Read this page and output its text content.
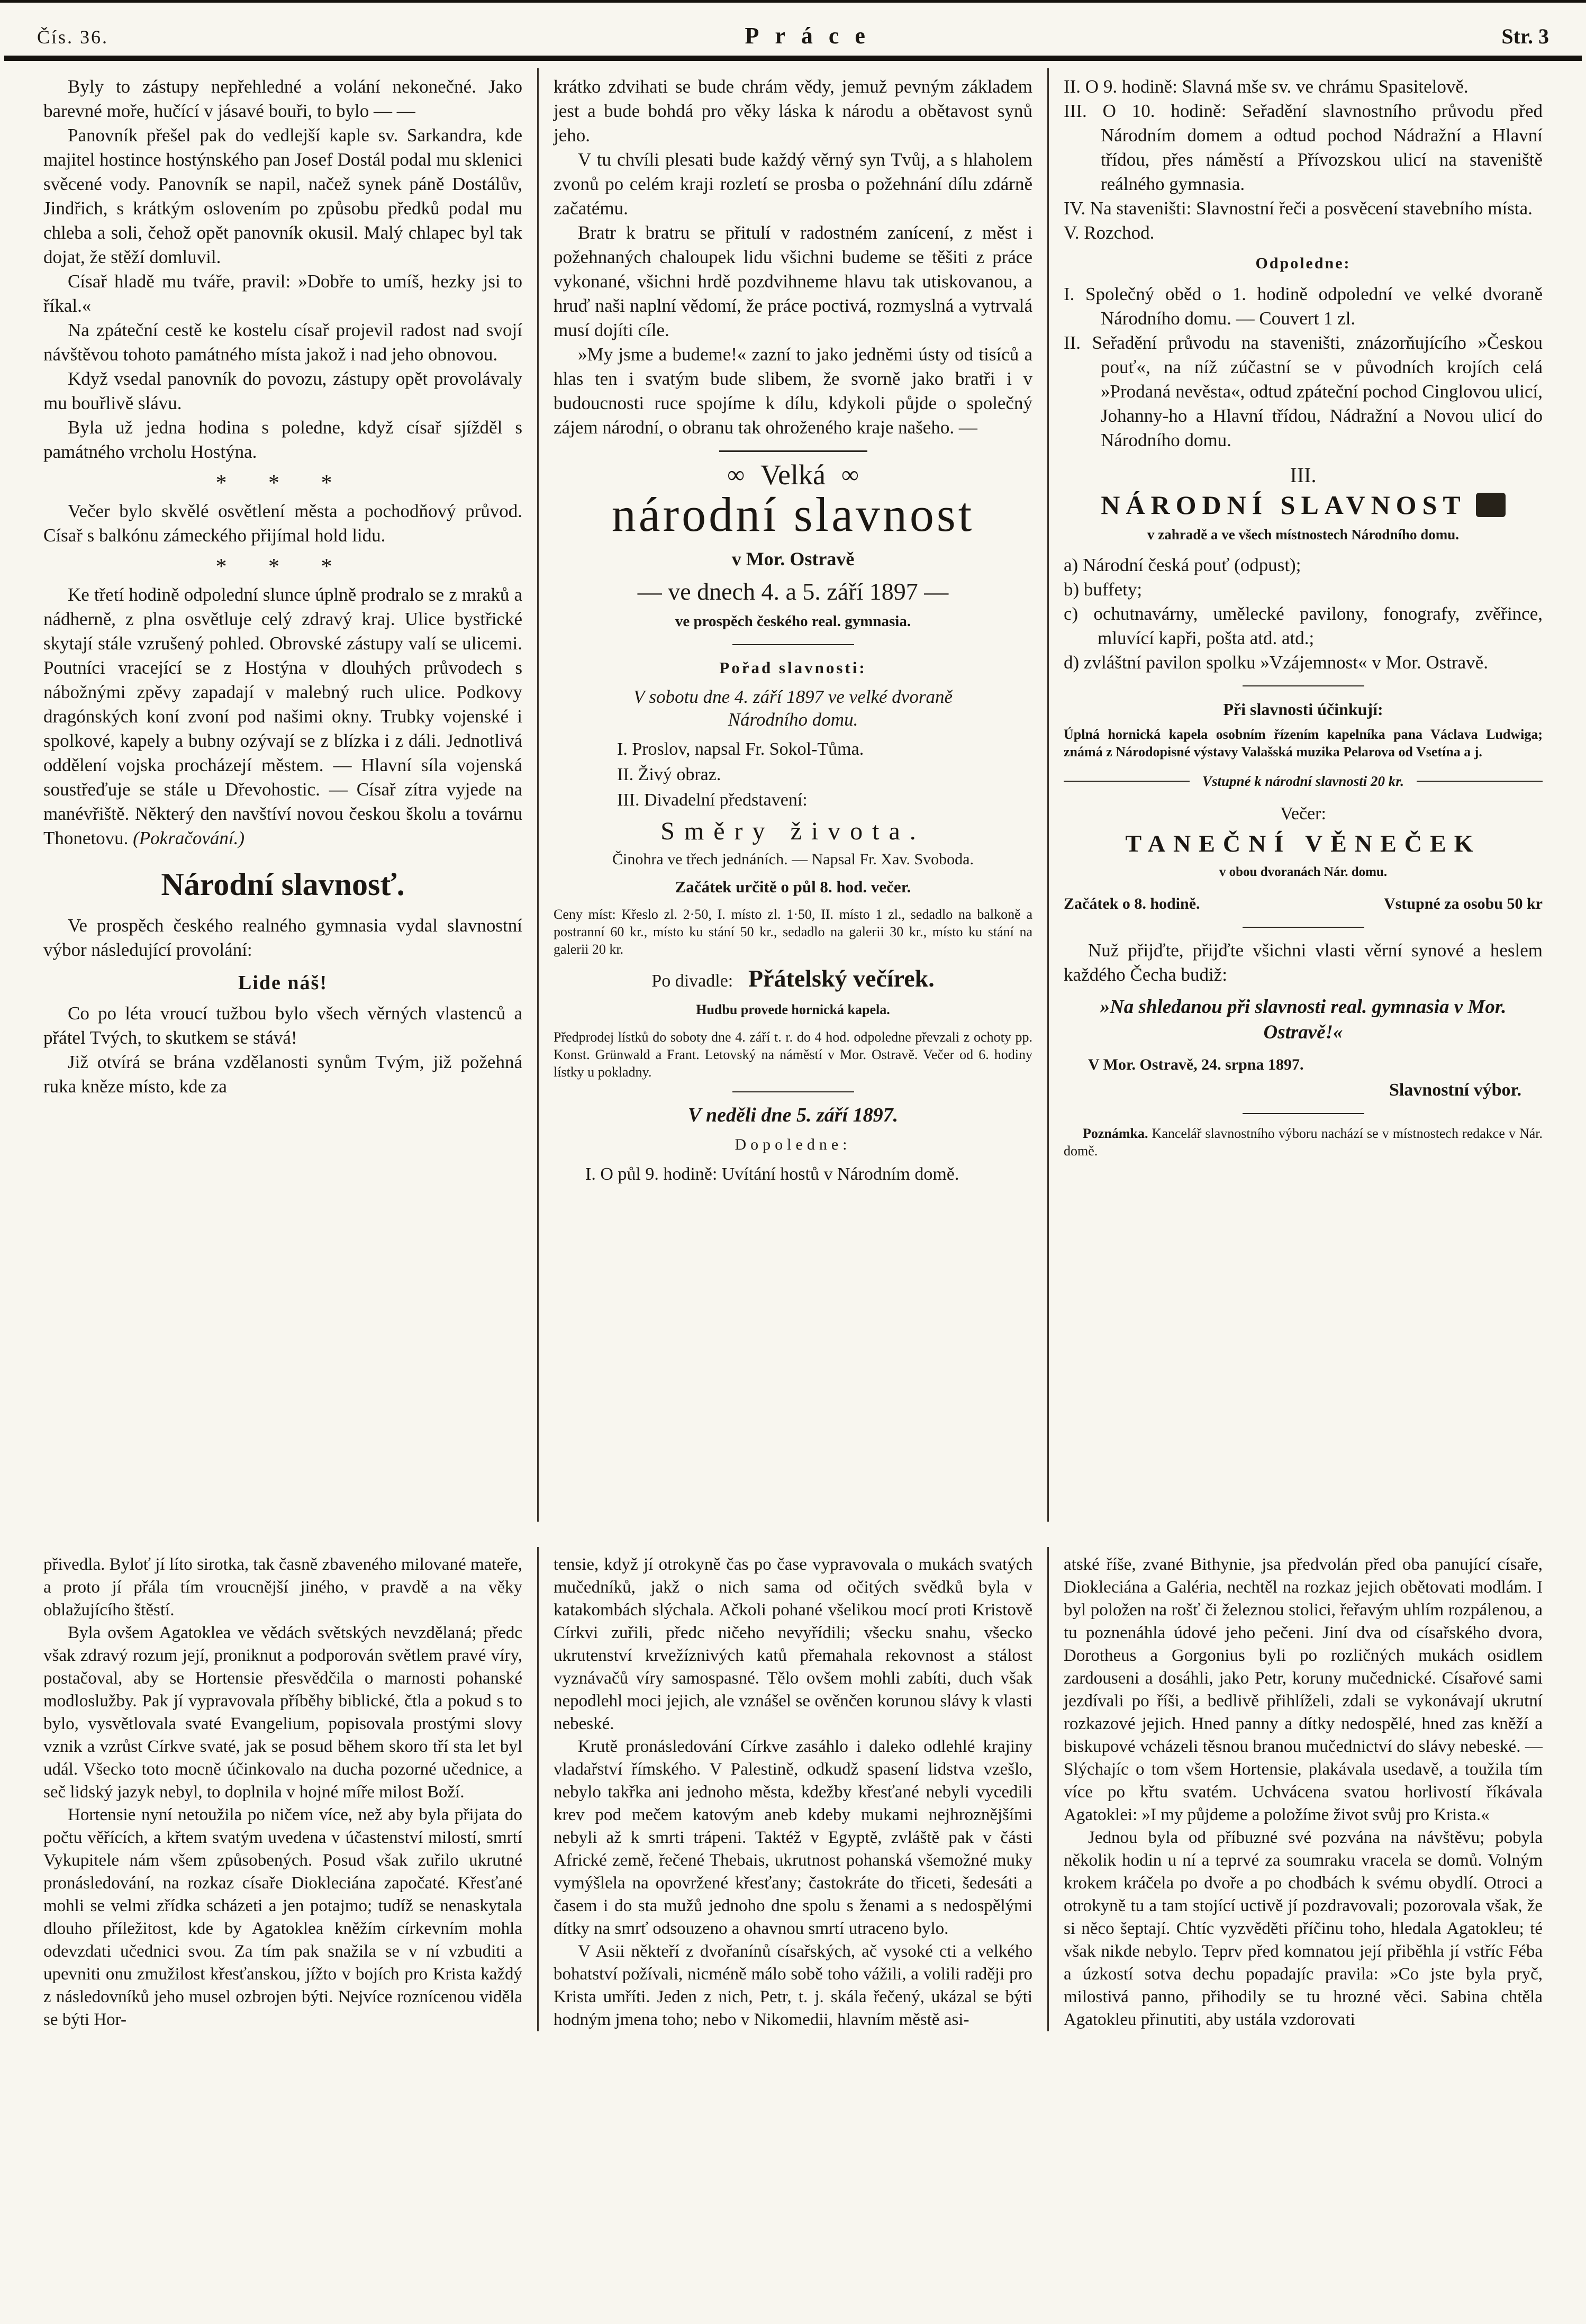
Čís. 36.	Práce	Str. 3

Byly to zástupy nepřehledné a volání nekonečné. Jako barevné moře, hučící v jásavé bouři, to bylo — —

Panovník přešel pak do vedlejší kaple sv. Sarkandra, kde majitel hostince hostýnského pan Josef Dostál podal mu sklenici svěcené vody. Panovník se napil, načež synek páně Dostálův, Jindřich, s krátkým oslovením po způsobu předků podal mu chleba a soli, čehož opět panovník okusil. Malý chlapec byl tak dojat, že stěží domluvil.

Císař hladě mu tváře, pravil: »Dobře to umíš, hezky jsi to říkal.«

Na zpáteční cestě ke kostelu císař projevil radost nad svojí návštěvou tohoto památného místa jakož i nad jeho obnovou.

Když vsedal panovník do povozu, zástupy opět provolávaly mu bouřlivě slávu.

Byla už jedna hodina s poledne, když císař sjížděl s památného vrcholu Hostýna.

* * *

Večer bylo skvělé osvětlení města a pochodňový průvod. Císař s balkónu zámeckého přijímal hold lidu.

* * *

Ke třetí hodině odpolední slunce úplně prodralo se z mraků a nádherně, z plna osvětluje celý zdravý kraj. Ulice bystřické skytají stále vzrušený pohled. Obrovské zástupy valí se ulicemi. Poutníci vracející se z Hostýna v dlouhých průvodech s nábožnými zpěvy zapadají v malebný ruch ulice. Podkovy dragónských koní zvoní pod našimi okny. Trubky vojenské i spolkové, kapely a bubny ozývají se z blízka i z dáli. Jednotlivá oddělení vojska procházejí městem. — Hlavní síla vojenská soustřeďuje se stále u Dřevohostic. — Císař zítra vyjede na manévřiště. Některý den navštíví novou českou školu a továrnu Thonetovu. (Pokračování.)

Národní slavnosť.

Ve prospěch českého realného gymnasia vydal slavnostní výbor následující provolání:

Lide náš!

Co po léta vroucí tužbou bylo všech věrných vlastenců a přátel Tvých, to skutkem se stává!

Již otvírá se brána vzdělanosti synům Tvým, již požehná ruka kněze místo, kde za

krátko zdvihati se bude chrám vědy, jemuž pevným základem jest a bude bohdá pro věky láska k národu a obětavost synů jeho.

V tu chvíli plesati bude každý věrný syn Tvůj, a s hlaholem zvonů po celém kraji rozletí se prosba o požehnání dílu zdárně začatému.

Bratr k bratru se přitulí v radostném zanícení, z měst i požehnaných chaloupek lidu všichni budeme se těšiti z práce vykonané, všichni hrdě pozdvihneme hlavu tak utiskovanou, a hruď naši naplní vědomí, že práce poctivá, rozmyslná a vytrvalá musí dojíti cíle.

»My jsme a budeme!« zazní to jako jedněmi ústy od tisíců a hlas ten i svatým bude slibem, že svorně jako bratři i v budoucnosti ruce spojíme k dílu, kdykoli půjde o společný zájem národní, o obranu tak ohroženého kraje našeho. —

∞ Velká ∞
národní slavnost
v Mor. Ostravě
— ve dnech 4. a 5. září 1897 —
ve prospěch českého real. gymnasia.
Pořad slavnosti:
V sobotu dne 4. září 1897 ve velké dvoraně Národního domu.

I. Proslov, napsal Fr. Sokol-Tůma.

II. Živý obraz.

III. Divadelní představení:

Směry života.
Činohra ve třech jednáních. — Napsal Fr. Xav. Svoboda.
Začátek určitě o půl 8. hod. večer.

Ceny míst: Křeslo zl. 2·50, I. místo zl. 1·50, II. místo 1 zl., sedadlo na balkoně a postranní 60 kr., místo ku stání 50 kr., sedadlo na galerii 30 kr., místo ku stání na galerii 20 kr.

Po divadle: Přátelský večírek.
Hudbu provede hornická kapela.

Předprodej lístků do soboty dne 4. září t. r. do 4 hod. odpoledne převzali z ochoty pp. Konst. Grünwald a Frant. Letovský na náměstí v Mor. Ostravě. Večer od 6. hodiny lístky u pokladny.

V neděli dne 5. září 1897.
Dopoledne:

I. O půl 9. hodině: Uvítání hostů v Národním domě.

II. O 9. hodině: Slavná mše sv. ve chrámu Spasitelově.

III. O 10. hodině: Seřadění slavnostního průvodu před Národním domem a odtud pochod Nádražní a Hlavní třídou, přes náměstí a Přívozskou ulicí na staveniště reálného gymnasia.

IV. Na staveništi: Slavnostní řeči a posvěcení stavebního místa.

V. Rozchod.

Odpoledne:

I. Společný oběd o 1. hodině odpolední ve velké dvoraně Národního domu. — Couvert 1 zl.

II. Seřadění průvodu na staveništi, znázorňujícího »Českou pouť«, na níž zúčastní se v původních krojích celá »Prodaná nevěsta«, odtud zpáteční pochod Cinglovou ulicí, Johanny-ho a Hlavní třídou, Nádražní a Novou ulicí do Národního domu.

III.
NÁRODNÍ SLAVNOST
v zahradě a ve všech místnostech Národního domu.

a) Národní česká pouť (odpust);

b) buffety;

c) ochutnavárny, umělecké pavilony, fonografy, zvěřince, mluvící kapři, pošta atd. atd.;

d) zvláštní pavilon spolku »Vzájemnost« v Mor. Ostravě.

Při slavnosti účinkují:

Úplná hornická kapela osobním řízením kapelníka pana Václava Ludwiga; známá z Národopisné výstavy Valašská muzika Pelarova od Vsetína a j.

Vstupné k národní slavnosti 20 kr.
Večer:
TANEČNÍ VĚNEČEK
v obou dvoranách Nár. domu.
Začátek o 8. hodině.	Vstupné za osobu 50 kr

Nuž přijďte, přijďte všichni vlasti věrní synové a heslem každého Čecha budiž:

»Na shledanou při slavnosti real. gymnasia v Mor. Ostravě!«
V Mor. Ostravě, 24. srpna 1897.
Slavnostní výbor.

Poznámka. Kancelář slavnostního výboru nachází se v místnostech redakce v Nár. domě.

přivedla. Byloť jí líto sirotka, tak časně zbaveného milované mateře, a proto jí přála tím vroucnější jiného, v pravdě a na věky oblažujícího štěstí.

Byla ovšem Agatoklea ve vědách světských nevzdělaná; předc však zdravý rozum její, proniknut a podporován světlem pravé víry, postačoval, aby se Hortensie přesvědčila o marnosti pohanské modloslužby. Pak jí vypravovala příběhy biblické, čtla a pokud s to bylo, vysvětlovala svaté Evangelium, popisovala prostými slovy vznik a vzrůst Církve svaté, jak se posud během skoro tří sta let byl udál. Všecko toto mocně účinkovalo na ducha pozorné učednice, a seč lidský jazyk nebyl, to doplnila v hojné míře milost Boží.

Hortensie nyní netoužila po ničem více, než aby byla přijata do počtu věřících, a křtem svatým uvedena v účastenství milostí, smrtí Vykupitele nám všem způsobených. Posud však zuřilo ukrutné pronásledování, na rozkaz císaře Diokleciána započaté. Křesťané mohli se velmi zřídka scházeti a jen potajmo; tudíž se nenaskytala dlouho příležitost, kde by Agatoklea kněžím církevním mohla odevzdati učednici svou. Za tím pak snažila se v ní vzbuditi a upevniti onu zmužilost křesťanskou, jížto v bojích pro Krista každý z následovníků jeho musel ozbrojen býti. Nejvíce roznícenou viděla se býti Hor-

tensie, když jí otrokyně čas po čase vypravovala o mukách svatých mučedníků, jakž o nich sama od očitých svědků byla v katakombách slýchala. Ačkoli pohané všelikou mocí proti Kristově Církvi zuřili, předc ničeho nevyřídili; všecku snahu, všecko ukrutenství krvežíznivých katů přemahala rekovnost a stálost vyznávačů víry samospasné. Tělo ovšem mohli zabíti, duch však nepodlehl moci jejich, ale vznášel se ověnčen korunou slávy k vlasti nebeské.

Krutě pronásledování Církve zasáhlo i daleko odlehlé krajiny vladařství římského. V Palestině, odkudž spasení lidstva vzešlo, nebylo takřka ani jednoho města, kdežby křesťané nebyli vycedili krev pod mečem katovým aneb kdeby mukami nejhroznějšími nebyli až k smrti trápeni. Taktéž v Egyptě, zvláště pak v části Africké země, řečené Thebais, ukrutnost pohanská všemožné muky vymýšlela na opovržené křesťany; častokráte do třiceti, šedesáti a časem i do sta mužů jednoho dne spolu s ženami a s nedospělými dítky na smrť odsouzeno a ohavnou smrtí utraceno bylo.

V Asii někteří z dvořanínů císařských, ač vysoké cti a velkého bohatství požívali, nicméně málo sobě toho vážili, a volili raději pro Krista umříti. Jeden z nich, Petr, t. j. skála řečený, ukázal se býti hodným jmena toho; nebo v Nikomedii, hlavním městě asi-

atské říše, zvané Bithynie, jsa předvolán před oba panující císaře, Diokleciána a Galéria, nechtěl na rozkaz jejich obětovati modlám. I byl položen na rošť či železnou stolici, řeřavým uhlím rozpálenou, a tu poznenáhla údové jeho pečeni. Jiní dva od císařského dvora, Dorotheus a Gorgonius byli po rozličných mukách osidlem zardouseni a dosáhli, jako Petr, koruny mučednické. Císařové sami jezdívali po říši, a bedlivě přihlíželi, zdali se vykonávají ukrutní rozkazové jejich. Hned panny a dítky nedospělé, hned zas kněží a biskupové vcházeli těsnou branou mučednictví do slávy nebeské. — Slýchajíc o tom všem Hortensie, plakávala usedavě, a toužila tím více po křtu svatém. Uchvácena svatou horlivostí říkávala Agatoklei: »I my půjdeme a položíme život svůj pro Krista.«

Jednou byla od příbuzné své pozvána na návštěvu; pobyla několik hodin u ní a teprvé za soumraku vracela se domů. Volným krokem kráčela po dvoře a po chodbách k svému obydlí. Otroci a otrokyně tu a tam stojící uctivě jí pozdravovali; pozorovala však, že si něco šeptají. Chtíc vyzvěděti příčinu toho, hledala Agatokleu; té však nikde nebylo. Teprv před komnatou její přiběhla jí vstříc Féba a úzkostí sotva dechu popadajíc pravila: »Co jste byla pryč, milostivá panno, přihodily se tu hrozné věci. Sabina chtěla Agatokleu přinutiti, aby ustála vzdorovati
